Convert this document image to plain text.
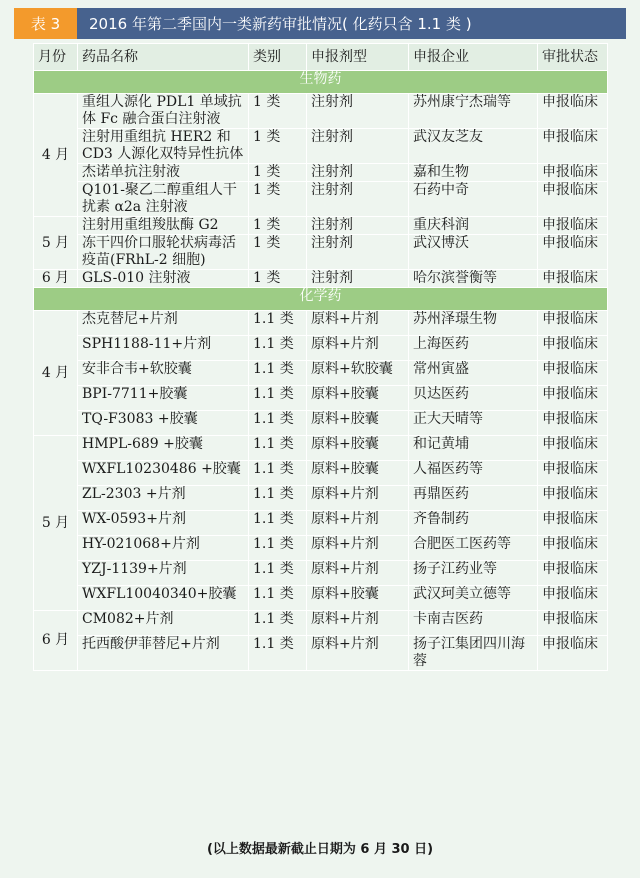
表 3	2016 年第二季国内一类新药审批情况( 化药只含 1.1 类 )
月份	药品名称	类别	申报剂型	申报企业	审批状态
生物药					
4 月	重组人源化 PDL1 单域抗体 Fc 融合蛋白注射液	1 类	注射剂	苏州康宁杰瑞等	申报临床
	注射用重组抗 HER2 和 CD3 人源化双特异性抗体	1 类	注射剂	武汉友芝友	申报临床
	杰诺单抗注射液	1 类	注射剂	嘉和生物	申报临床
	Q101-聚乙二醇重组人干扰素 α2a 注射液	1 类	注射剂	石药中奇	申报临床
5 月	注射用重组羧肽酶 G2	1 类	注射剂	重庆科润	申报临床
	冻干四价口服轮状病毒活疫苗(FRhL-2 细胞)	1 类	注射剂	武汉博沃	申报临床
6 月	GLS-010 注射液	1 类	注射剂	哈尔滨誉衡等	申报临床
化学药					
4 月	杰克替尼+片剂	1.1 类	原料+片剂	苏州泽璟生物	申报临床
	SPH1188-11+片剂	1.1 类	原料+片剂	上海医药	申报临床
	安非合韦+软胶囊	1.1 类	原料+软胶囊	常州寅盛	申报临床
	BPI-7711+胶囊	1.1 类	原料+胶囊	贝达医药	申报临床
	TQ-F3083 +胶囊	1.1 类	原料+胶囊	正大天晴等	申报临床
5 月	HMPL-689 +胶囊	1.1 类	原料+胶囊	和记黄埔	申报临床
	WXFL10230486 +胶囊	1.1 类	原料+胶囊	人福医药等	申报临床
	ZL-2303 +片剂	1.1 类	原料+片剂	再鼎医药	申报临床
	WX-0593+片剂	1.1 类	原料+片剂	齐鲁制药	申报临床
	HY-021068+片剂	1.1 类	原料+片剂	合肥医工医药等	申报临床
	YZJ-1139+片剂	1.1 类	原料+片剂	扬子江药业等	申报临床
	WXFL10040340+胶囊	1.1 类	原料+胶囊	武汉珂美立德等	申报临床
6 月	CM082+片剂	1.1 类	原料+片剂	卡南吉医药	申报临床
	托西酸伊菲替尼+片剂	1.1 类	原料+片剂	扬子江集团四川海蓉	申报临床
(以上数据最新截止日期为 6 月 30 日)
